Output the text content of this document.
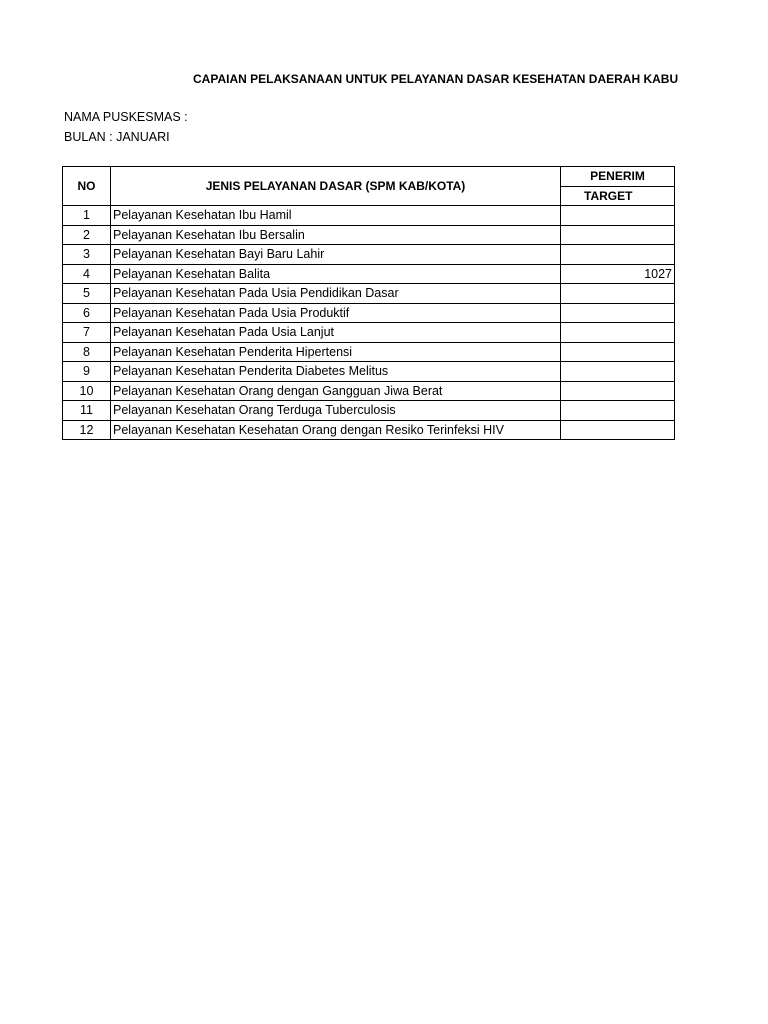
CAPAIAN PELAKSANAAN UNTUK PELAYANAN DASAR KESEHATAN DAERAH KABU
NAMA PUSKESMAS :
BULAN : JANUARI
NO	JENIS PELAYANAN DASAR (SPM KAB/KOTA)	PENERIM
		TARGET
1	Pelayanan Kesehatan Ibu Hamil	
2	Pelayanan Kesehatan Ibu Bersalin	
3	Pelayanan Kesehatan Bayi Baru Lahir	
4	Pelayanan Kesehatan Balita	1027
5	Pelayanan Kesehatan Pada Usia Pendidikan Dasar	
6	Pelayanan Kesehatan Pada Usia Produktif	
7	Pelayanan Kesehatan Pada Usia Lanjut	
8	Pelayanan Kesehatan Penderita Hipertensi	
9	Pelayanan Kesehatan Penderita Diabetes Melitus	
10	Pelayanan Kesehatan Orang dengan Gangguan Jiwa Berat	
11	Pelayanan Kesehatan Orang Terduga Tuberculosis	
12	Pelayanan Kesehatan Kesehatan Orang dengan Resiko Terinfeksi HIV	
